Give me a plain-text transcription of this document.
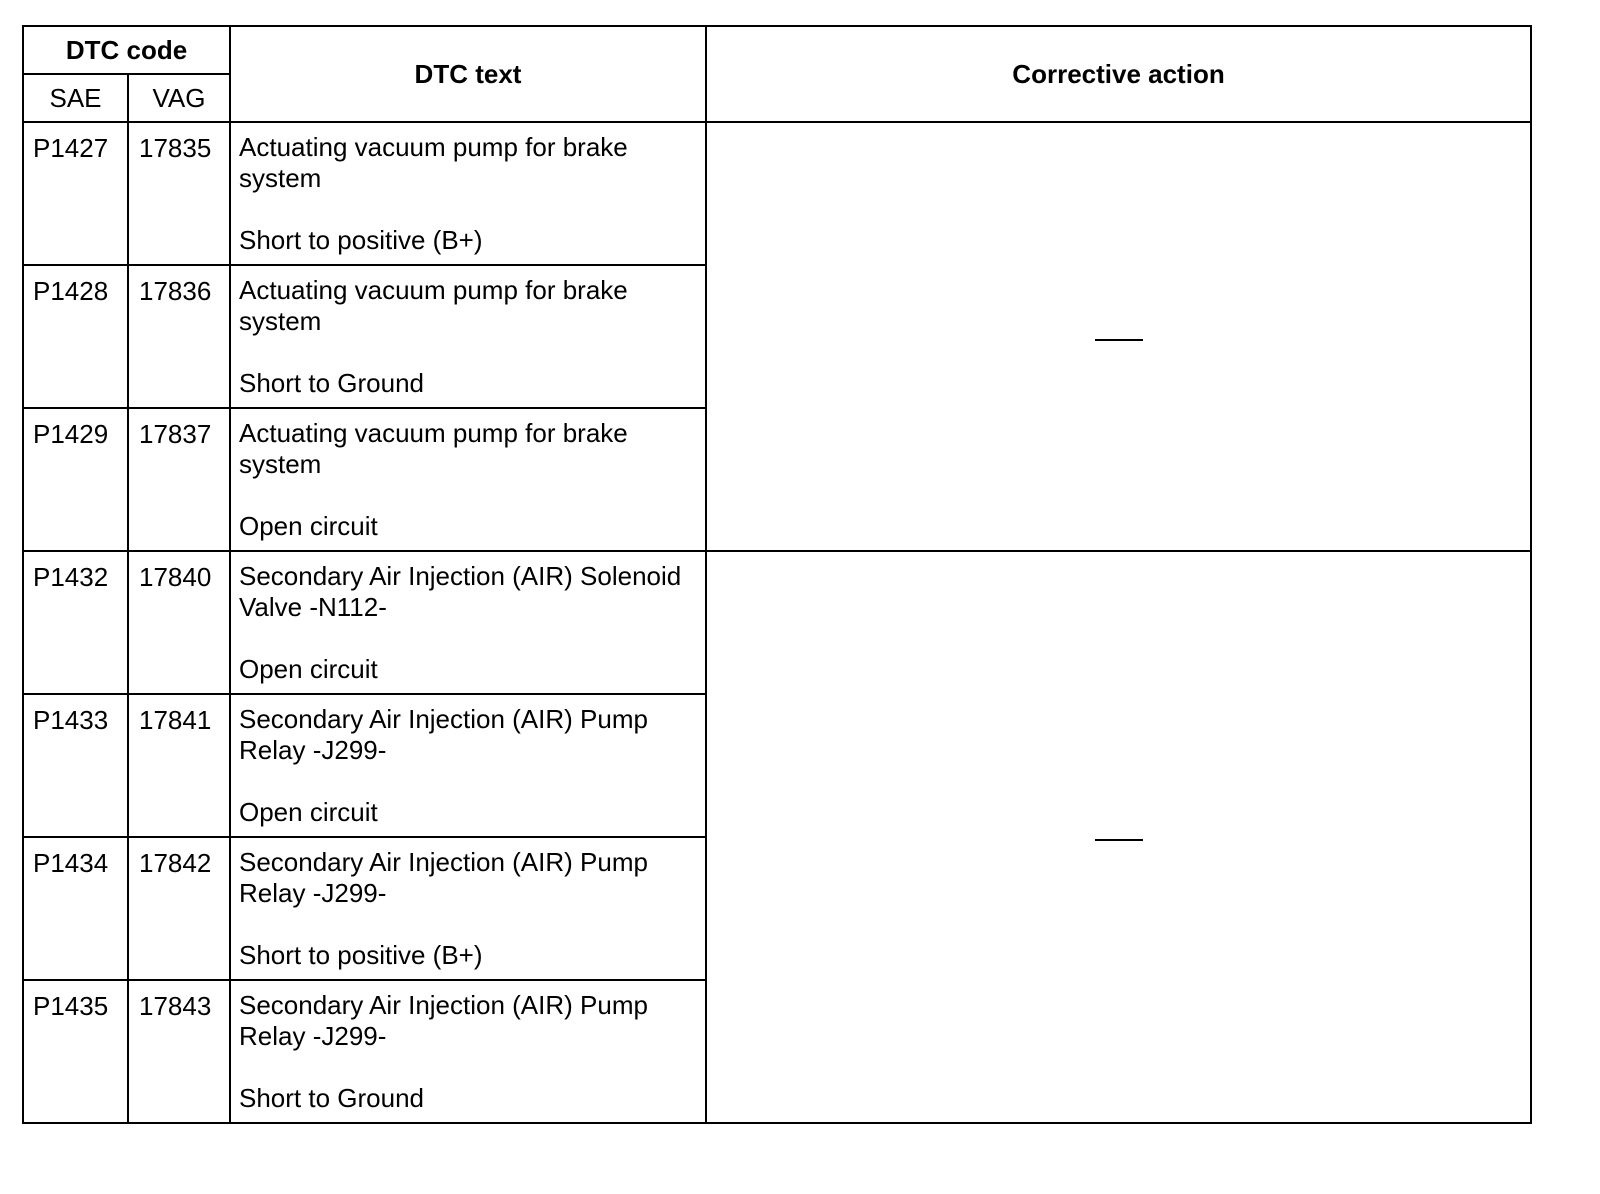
DTC code		DTC text	Corrective action

SAE	VAG		
P1427	17835	Actuating vacuum pump for brake system
Short to positive (B+)	

P1428	17836	Actuating vacuum pump for brake system
Short to Ground	

P1429	17837	Actuating vacuum pump for brake system
Open circuit	

P1432	17840	Secondary Air Injection (AIR) Solenoid Valve -N112-
Open circuit	

P1433	17841	Secondary Air Injection (AIR) Pump Relay -J299-
Open circuit	

P1434	17842	Secondary Air Injection (AIR) Pump Relay -J299-
Short to positive (B+)	

P1435	17843	Secondary Air Injection (AIR) Pump Relay -J299-
Short to Ground	
